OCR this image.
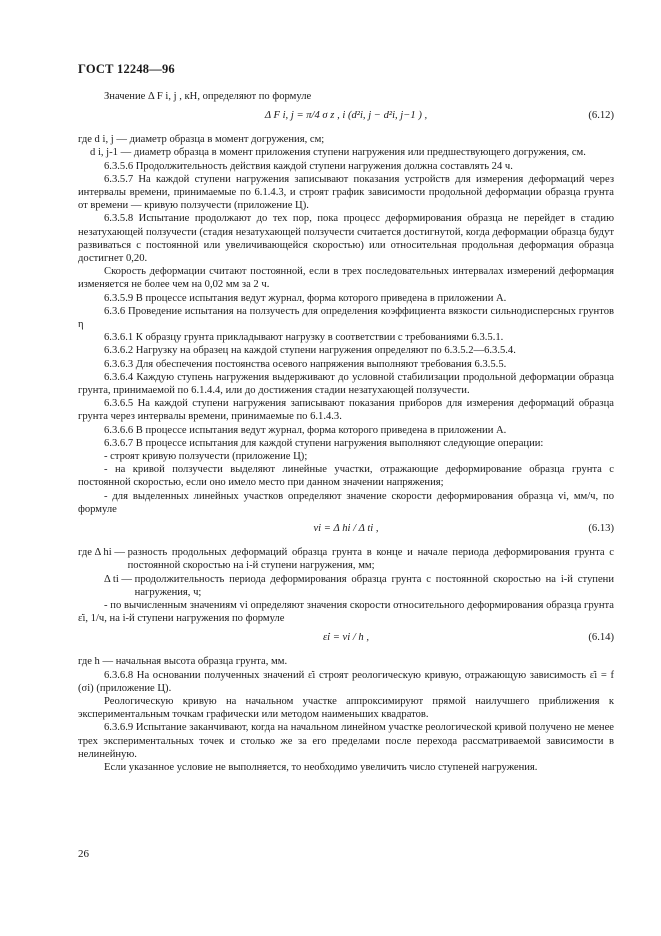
ГОСТ 12248—96

Значение Δ F i, j , кН, определяют по формуле

Δ F i, j = π/4 σ z , i (d²i, j − d²i, j−1 ) ,	(6.12)
где d i, j —
диаметр образца в момент догружения, см;
d i, j-1 —
диаметр образца в момент приложения ступени нагружения или предшествующего догружения, см.

6.3.5.6 Продолжительность действия каждой ступени нагружения должна составлять 24 ч.

6.3.5.7 На каждой ступени нагружения записывают показания устройств для измерения деформаций через интервалы времени, принимаемые по 6.1.4.3, и строят график зависимости продольной деформации образца грунта от времени — кривую ползучести (приложение Ц).

6.3.5.8 Испытание продолжают до тех пор, пока процесс деформирования образца не перейдет в стадию незатухающей ползучести (стадия незатухающей ползучести считается достигнутой, когда деформации образца будут развиваться с постоянной или увеличивающейся скоростью) или относительная продольная деформация образца достигнет 0,20.

Скорость деформации считают постоянной, если в трех последовательных интервалах измерений деформация изменяется не более чем на 0,02 мм за 2 ч.

6.3.5.9 В процессе испытания ведут журнал, форма которого приведена в приложении А.

6.3.6 Проведение испытания на ползучесть для определения коэффициента вязкости сильнодисперсных грунтов η

6.3.6.1 К образцу грунта прикладывают нагрузку в соответствии с требованиями 6.3.5.1.

6.3.6.2 Нагрузку на образец на каждой ступени нагружения определяют по 6.3.5.2—6.3.5.4.

6.3.6.3 Для обеспечения постоянства осевого напряжения выполняют требования 6.3.5.5.

6.3.6.4 Каждую ступень нагружения выдерживают до условной стабилизации продольной деформации образца грунта, принимаемой по 6.1.4.4, или до достижения стадии незатухающей ползучести.

6.3.6.5 На каждой ступени нагружения записывают показания приборов для измерения деформаций образца грунта через интервалы времени, принимаемые по 6.1.4.3.

6.3.6.6 В процессе испытания ведут журнал, форма которого приведена в приложении А.

6.3.6.7 В процессе испытания для каждой ступени нагружения выполняют следующие операции:

- строят кривую ползучести (приложение Ц);

- на кривой ползучести выделяют линейные участки, отражающие деформирование образца грунта с постоянной скоростью, если оно имело место при данном значении напряжения;

- для выделенных линейных участков определяют значение скорости деформирования образца vi, мм/ч, по формуле

vi = Δ hi / Δ ti ,	(6.13)
где Δ hi —
разность продольных деформаций образца грунта в конце и начале периода деформирования грунта с постоянной скоростью на i-й ступени нагружения, мм;
Δ ti —
продолжительность периода деформирования образца грунта с постоянной скоростью на i-й ступени нагружения, ч;

- по вычисленным значениям vi определяют значения скорости относительного деформирования образца грунта ε̇i, 1/ч, на i-й ступени нагружения по формуле

ε̇i = vi / h ,	(6.14)

где h — начальная высота образца грунта, мм.

6.3.6.8 На основании полученных значений ε̇i строят реологическую кривую, отражающую зависимость ε̇i = f (σi) (приложение Ц).

Реологическую кривую на начальном участке аппроксимируют прямой наилучшего приближения к экспериментальным точкам графически или методом наименьших квадратов.

6.3.6.9 Испытание заканчивают, когда на начальном линейном участке реологической кривой получено не менее трех экспериментальных точек и столько же за его пределами после перехода рассматриваемой зависимости в нелинейную.

Если указанное условие не выполняется, то необходимо увеличить число ступеней нагружения.

26
